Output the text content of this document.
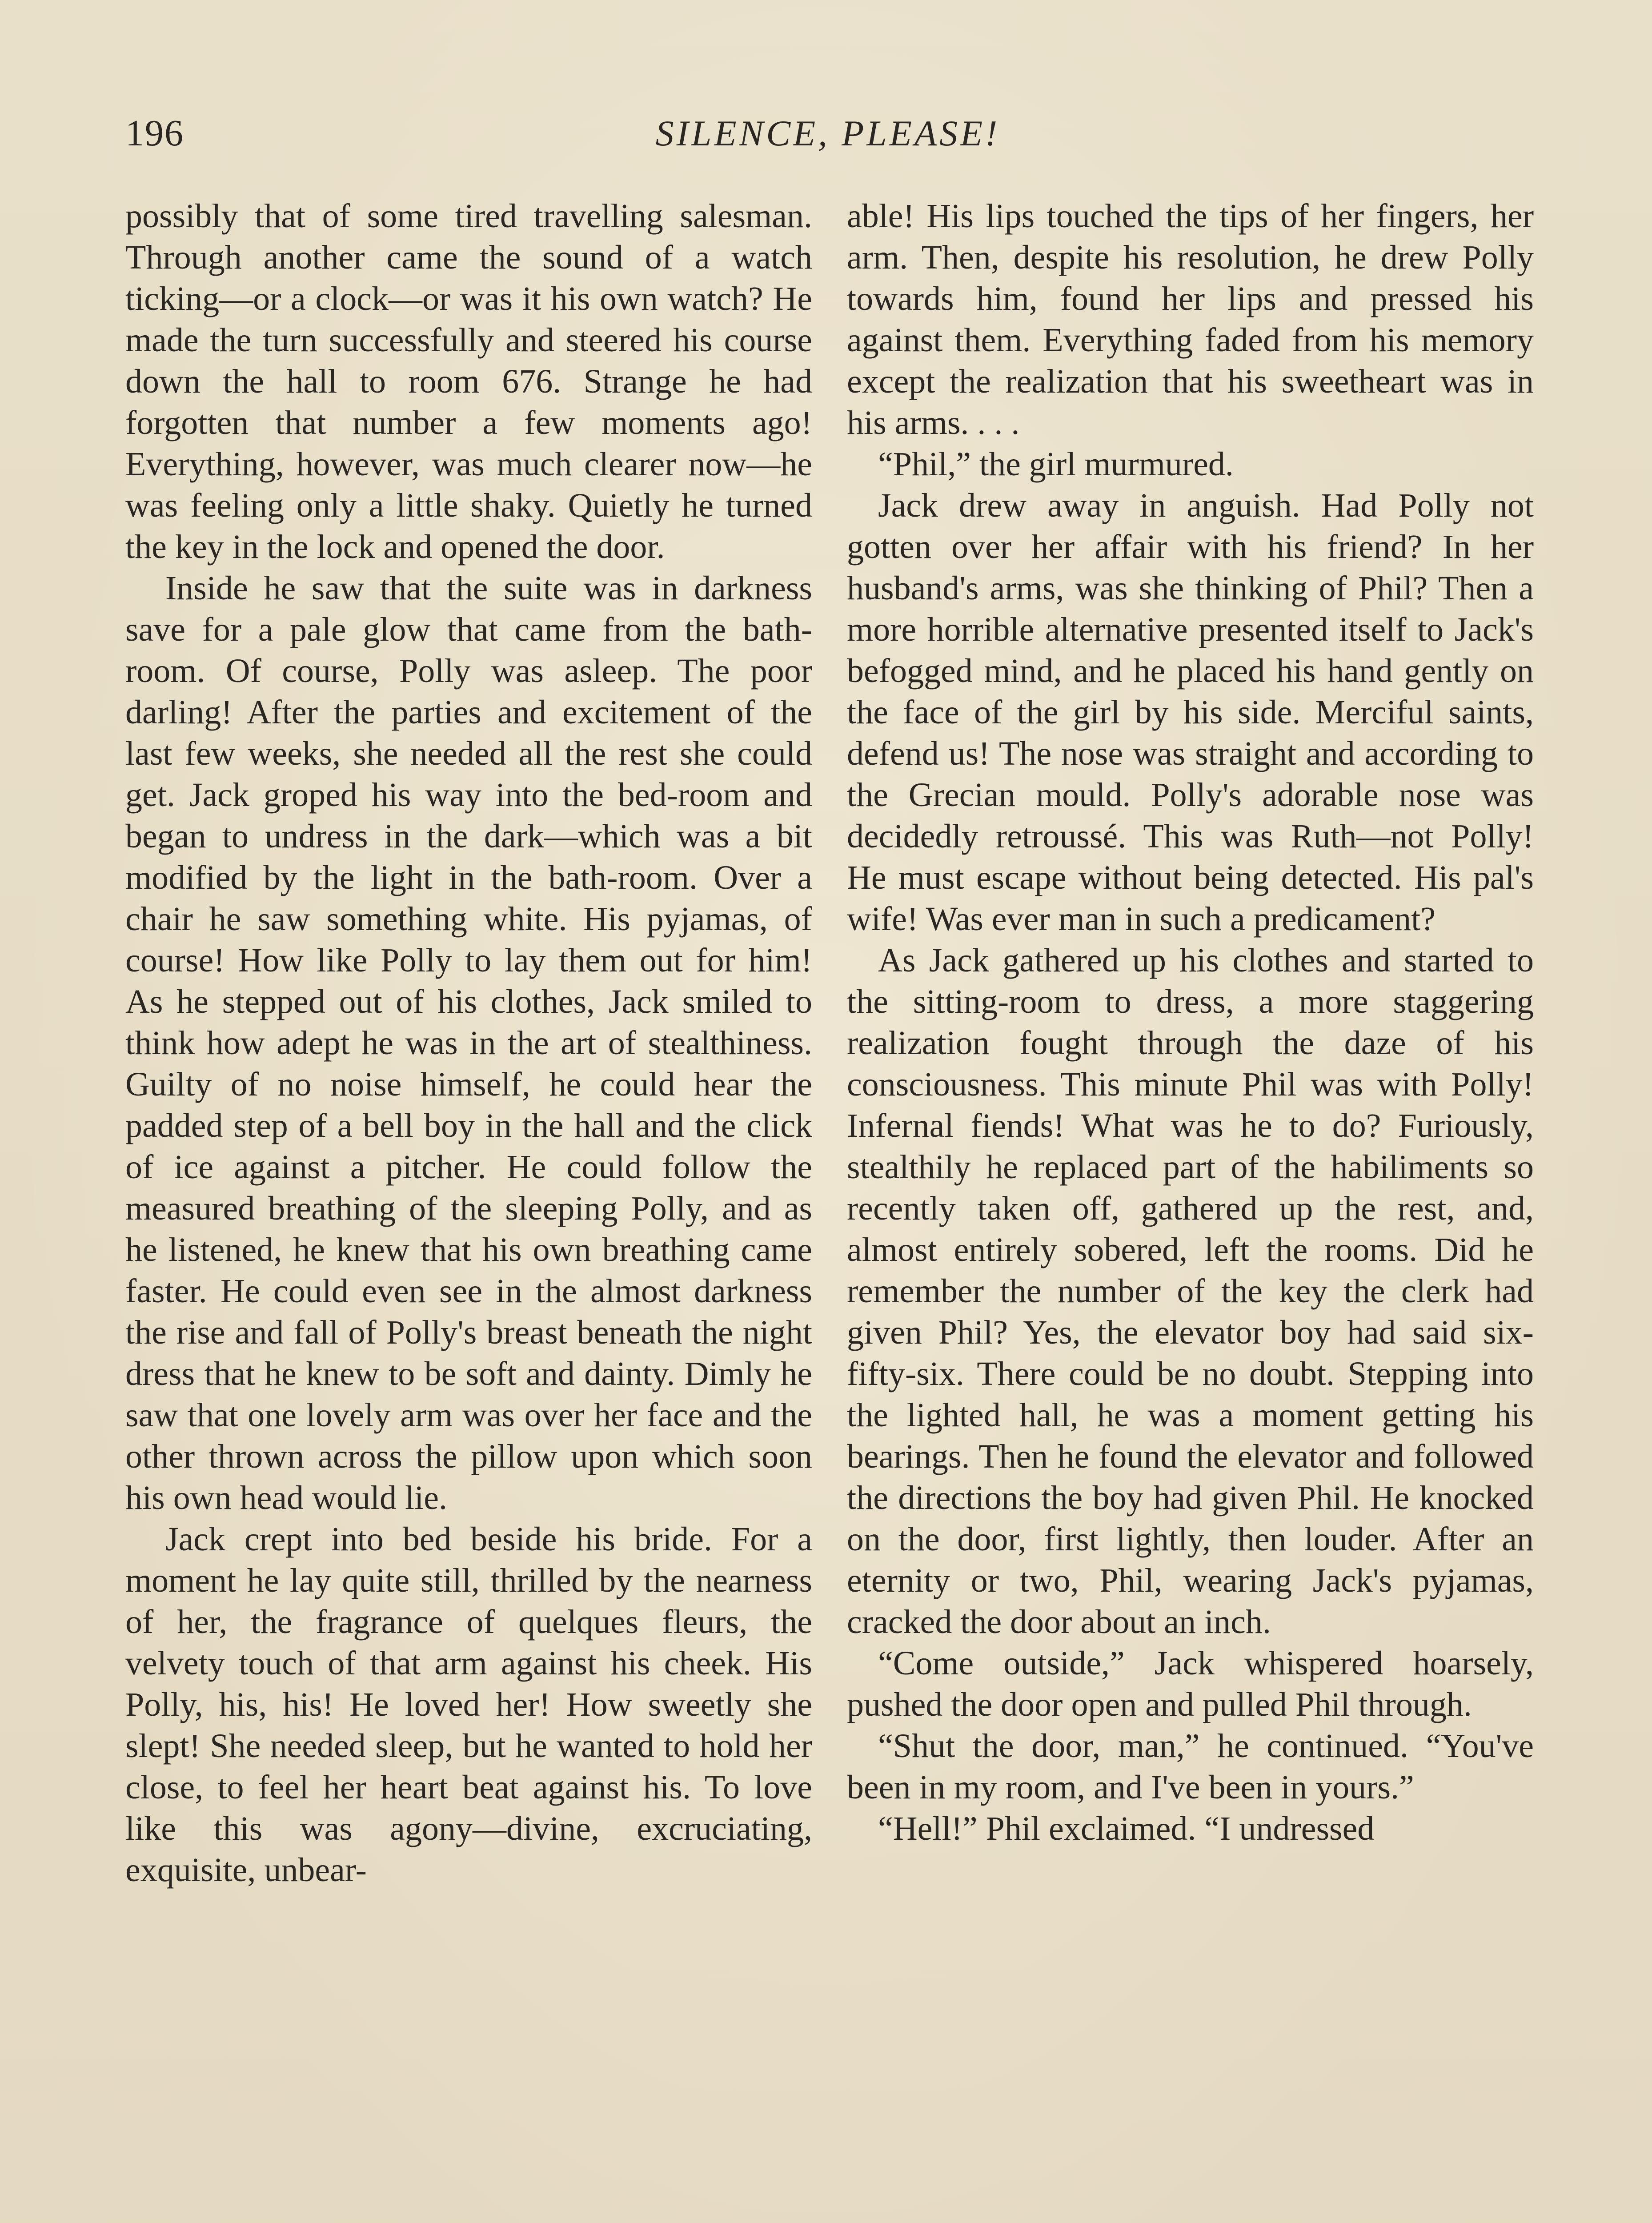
196	SILENCE, PLEASE!

possibly that of some tired travelling salesman. Through another came the sound of a watch ticking—or a clock—or was it his own watch? He made the turn successfully and steered his course down the hall to room 676. Strange he had forgotten that number a few moments ago! Everything, however, was much clearer now—he was feeling only a little shaky. Quietly he turned the key in the lock and opened the door.

Inside he saw that the suite was in darkness save for a pale glow that came from the bath-room. Of course, Polly was asleep. The poor darling! After the parties and excitement of the last few weeks, she needed all the rest she could get. Jack groped his way into the bed-room and began to undress in the dark—which was a bit modified by the light in the bath-room. Over a chair he saw something white. His pyjamas, of course! How like Polly to lay them out for him! As he stepped out of his clothes, Jack smiled to think how adept he was in the art of stealthiness. Guilty of no noise himself, he could hear the padded step of a bell boy in the hall and the click of ice against a pitcher. He could follow the measured breathing of the sleeping Polly, and as he listened, he knew that his own breathing came faster. He could even see in the almost darkness the rise and fall of Polly's breast beneath the night dress that he knew to be soft and dainty. Dimly he saw that one lovely arm was over her face and the other thrown across the pillow upon which soon his own head would lie.

Jack crept into bed beside his bride. For a moment he lay quite still, thrilled by the nearness of her, the fragrance of quelques fleurs, the velvety touch of that arm against his cheek. His Polly, his, his! He loved her! How sweetly she slept! She needed sleep, but he wanted to hold her close, to feel her heart beat against his. To love like this was agony—divine, excruciating, exquisite, unbear-

able! His lips touched the tips of her fingers, her arm. Then, despite his resolution, he drew Polly towards him, found her lips and pressed his against them. Everything faded from his memory except the realization that his sweetheart was in his arms. . . .

“Phil,” the girl murmured.

Jack drew away in anguish. Had Polly not gotten over her affair with his friend? In her husband's arms, was she thinking of Phil? Then a more horrible alternative presented itself to Jack's befogged mind, and he placed his hand gently on the face of the girl by his side. Merciful saints, defend us! The nose was straight and according to the Grecian mould. Polly's adorable nose was decidedly retroussé. This was Ruth—not Polly! He must escape without being detected. His pal's wife! Was ever man in such a predicament?

As Jack gathered up his clothes and started to the sitting-room to dress, a more staggering realization fought through the daze of his consciousness. This minute Phil was with Polly! Infernal fiends! What was he to do? Furiously, stealthily he replaced part of the habiliments so recently taken off, gathered up the rest, and, almost entirely sobered, left the rooms. Did he remember the number of the key the clerk had given Phil? Yes, the elevator boy had said six-fifty-six. There could be no doubt. Stepping into the lighted hall, he was a moment getting his bearings. Then he found the elevator and followed the directions the boy had given Phil. He knocked on the door, first lightly, then louder. After an eternity or two, Phil, wearing Jack's pyjamas, cracked the door about an inch.

“Come outside,” Jack whispered hoarsely, pushed the door open and pulled Phil through.

“Shut the door, man,” he continued. “You've been in my room, and I've been in yours.”

“Hell!” Phil exclaimed. “I undressed
